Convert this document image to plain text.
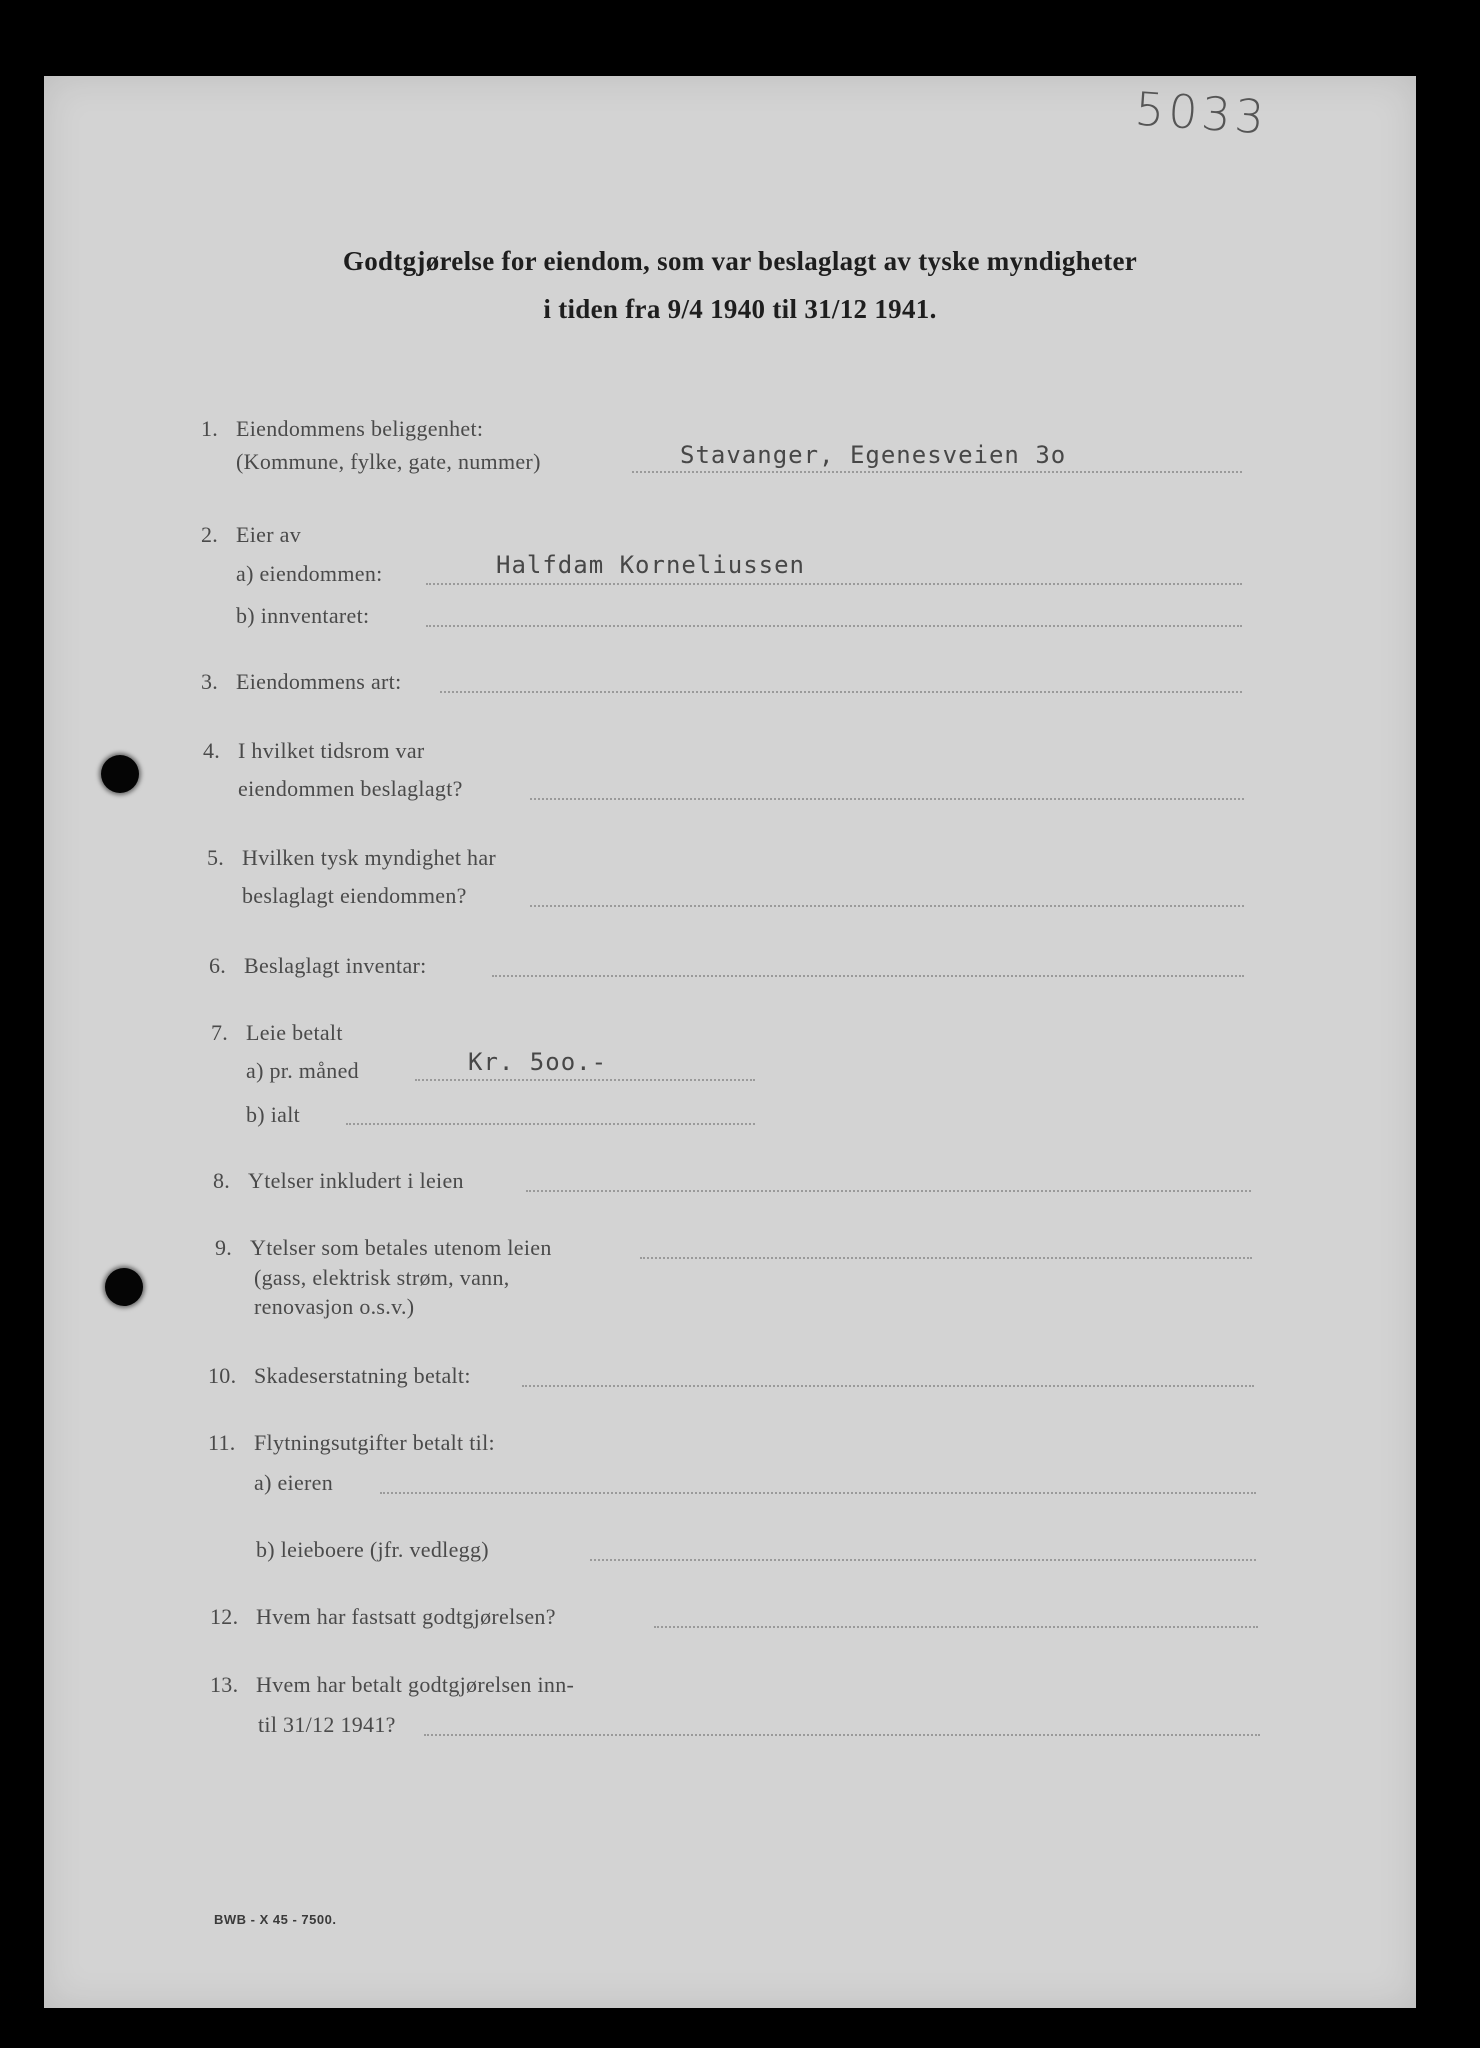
5033
Godtgjørelse for eiendom, som var beslaglagt av tyske myndigheter
i tiden fra 9/4 1940 til 31/12 1941.
1. Eiendommens beliggenhet:
(Kommune, fylke, gate, nummer)	Stavanger, Egenesveien 3o
2. Eier av
a) eiendommen:	Halfdam Korneliussen
b) innventaret:
3. Eiendommens art:
4. I hvilket tidsrom var
eiendommen beslaglagt?
5. Hvilken tysk myndighet har
beslaglagt eiendommen?
6. Beslaglagt inventar:
7. Leie betalt
a) pr. måned	Kr. 5oo.-
b) ialt
8. Ytelser inkludert i leien
9. Ytelser som betales utenom leien
(gass, elektrisk strøm, vann,
renovasjon o.s.v.)
10. Skadeserstatning betalt:
11. Flytningsutgifter betalt til:
a) eieren
b) leieboere (jfr. vedlegg)
12. Hvem har fastsatt godtgjørelsen?
13. Hvem har betalt godtgjørelsen inn-
til 31/12 1941?
BWB - X 45 - 7500.
